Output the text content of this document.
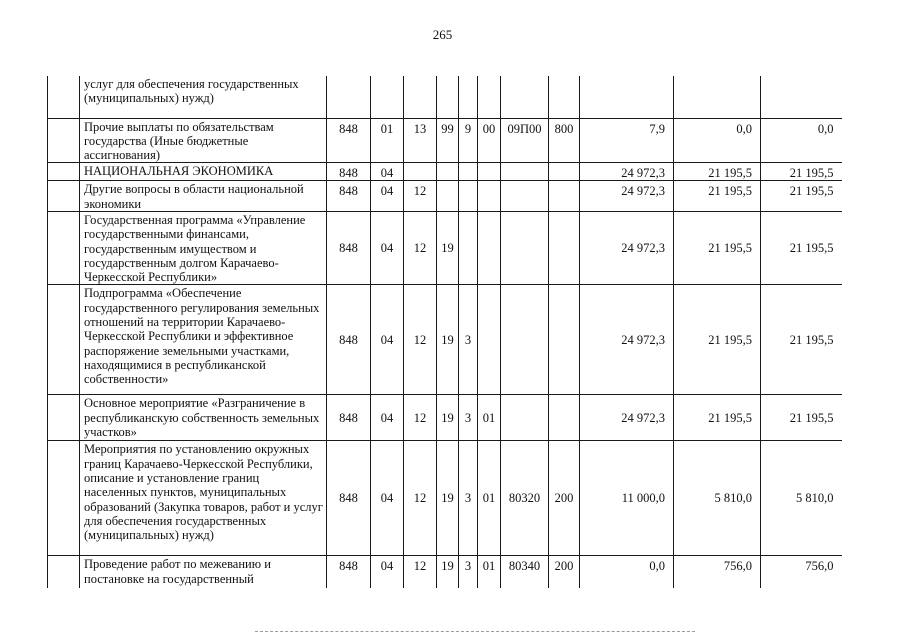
265
	услуг для обеспечения государственных (муниципальных) нужд)											
	Прочие выплаты по обязательствам государства (Иные бюджетные ассигнования)	848	01	13	99	9	00	09П00	800	7,9	0,0	0,0
	НАЦИОНАЛЬНАЯ ЭКОНОМИКА	848	04							24 972,3	21 195,5	21 195,5
	Другие вопросы в области национальной экономики	848	04	12						24 972,3	21 195,5	21 195,5
	Государственная программа «Управление государственными финансами, государственным имуществом и государственным долгом Карачаево-Черкесской Республики»	848	04	12	19					24 972,3	21 195,5	21 195,5
	Подпрограмма «Обеспечение государственного регулирования земельных отношений на территории Карачаево-Черкесской Республики и эффективное распоряжение земельными участками, находящимися в республиканской собственности»	848	04	12	19	3				24 972,3	21 195,5	21 195,5
	Основное мероприятие «Разграничение в республиканскую собственность земельных участков»	848	04	12	19	3	01			24 972,3	21 195,5	21 195,5
	Мероприятия по установлению окружных границ Карачаево-Черкесской Республики, описание и установление границ населенных пунктов, муниципальных образований (Закупка товаров, работ и услуг для обеспечения государственных (муниципальных) нужд)	848	04	12	19	3	01	80320	200	11 000,0	5 810,0	5 810,0
	Проведение работ по межеванию и постановке на государственный	848	04	12	19	3	01	80340	200	0,0	756,0	756,0
